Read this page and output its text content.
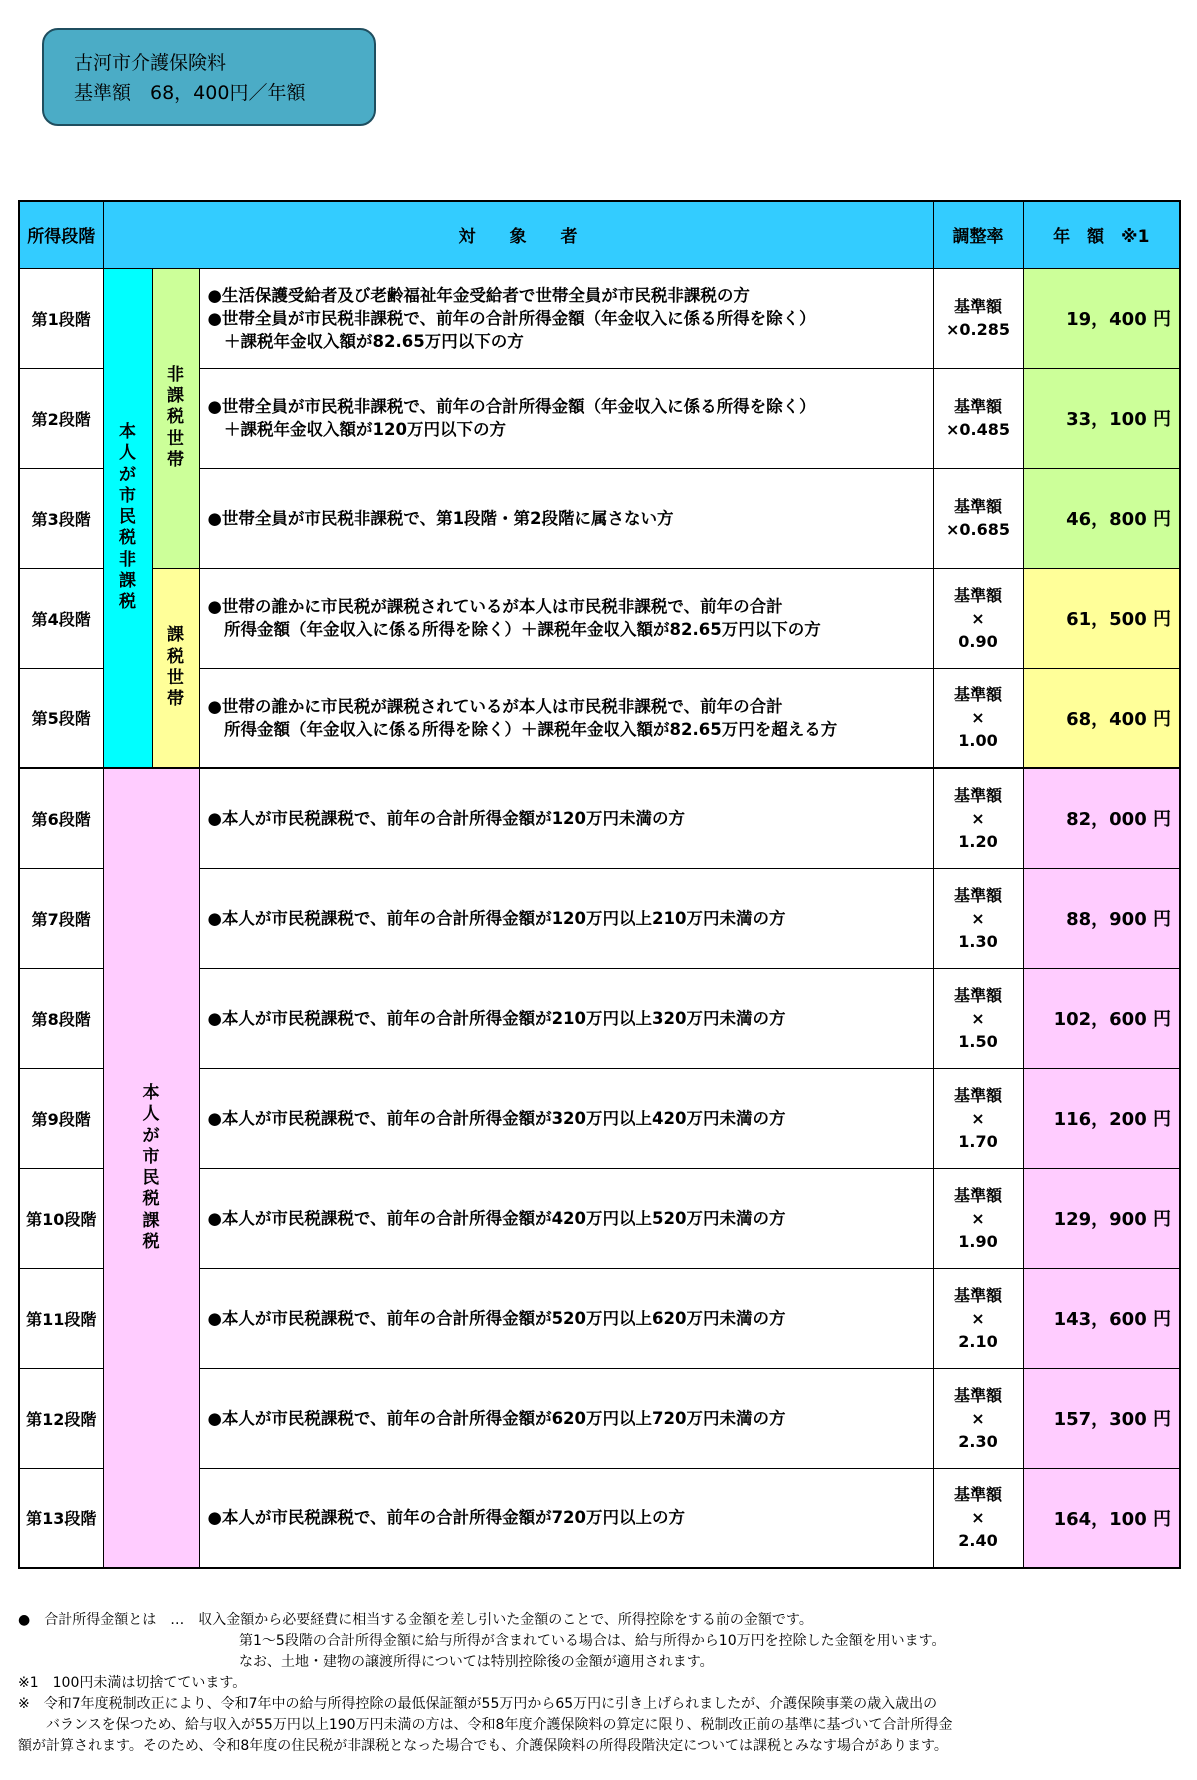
古河市介護保険料
基準額　68，400円／年額
所得段階	対　　象　　者			調整率	年　額　※1
第1段階	本人が市民税非課税	非課税世帯	●生活保護受給者及び老齢福祉年金受給者で世帯全員が市民税非課税の方
●世帯全員が市民税非課税で、前年の合計所得金額（年金収入に係る所得を除く）
　＋課税年金収入額が82.65万円以下の方	基準額
×0.285	19，400 円
第2段階			●世帯全員が市民税非課税で、前年の合計所得金額（年金収入に係る所得を除く）
　＋課税年金収入額が120万円以下の方	基準額
×0.485	33，100 円
第3段階			●世帯全員が市民税非課税で、第1段階・第2段階に属さない方	基準額
×0.685	46，800 円
第4段階		課税世帯	●世帯の誰かに市民税が課税されているが本人は市民税非課税で、前年の合計
　所得金額（年金収入に係る所得を除く）＋課税年金収入額が82.65万円以下の方	基準額
×
0.90	61，500 円
第5段階			●世帯の誰かに市民税が課税されているが本人は市民税非課税で、前年の合計
　所得金額（年金収入に係る所得を除く）＋課税年金収入額が82.65万円を超える方	基準額
×
1.00	68，400 円
第6段階	本人が市民税課税		●本人が市民税課税で、前年の合計所得金額が120万円未満の方	基準額
×
1.20	82，000 円
第7段階			●本人が市民税課税で、前年の合計所得金額が120万円以上210万円未満の方	基準額
×
1.30	88，900 円
第8段階			●本人が市民税課税で、前年の合計所得金額が210万円以上320万円未満の方	基準額
×
1.50	102，600 円
第9段階			●本人が市民税課税で、前年の合計所得金額が320万円以上420万円未満の方	基準額
×
1.70	116，200 円
第10段階			●本人が市民税課税で、前年の合計所得金額が420万円以上520万円未満の方	基準額
×
1.90	129，900 円
第11段階			●本人が市民税課税で、前年の合計所得金額が520万円以上620万円未満の方	基準額
×
2.10	143，600 円
第12段階			●本人が市民税課税で、前年の合計所得金額が620万円以上720万円未満の方	基準額
×
2.30	157，300 円
第13段階			●本人が市民税課税で、前年の合計所得金額が720万円以上の方	基準額
×
2.40	164，100 円
●　合計所得金額とは　…　収入金額から必要経費に相当する金額を差し引いた金額のことで、所得控除をする前の金額です。
第1～5段階の合計所得金額に給与所得が含まれている場合は、給与所得から10万円を控除した金額を用います。
なお、土地・建物の譲渡所得については特別控除後の金額が適用されます。
※1　100円未満は切捨てています。
※　令和7年度税制改正により、令和7年中の給与所得控除の最低保証額が55万円から65万円に引き上げられましたが、介護保険事業の歳入歳出の
バランスを保つため、給与収入が55万円以上190万円未満の方は、令和8年度介護保険料の算定に限り、税制改正前の基準に基づいて合計所得金
額が計算されます。そのため、令和8年度の住民税が非課税となった場合でも、介護保険料の所得段階決定については課税とみなす場合があります。
